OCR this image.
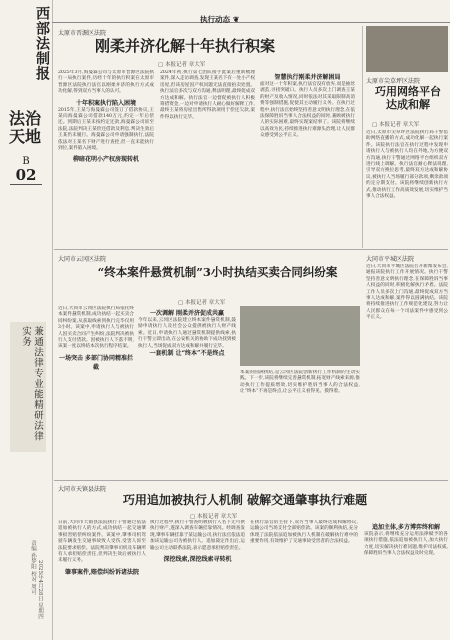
西部法制报
法治天地
B
02
兼通法律专业能精研法律实务
责编 孙梦阳 校对 周可 2025年4月28日 星期四
执行动态 ❦
太原市晋源区法院
刚柔并济化解十年执行积案
▢ 本报记者 章大军
2025年3月,海曼霖公司与太原市晋源区法院执行一局执行案件,历经十年的执行积案在太原市晋源区法院执行法官以刚柔并济的执行方式成功化解,得到双方当事人的认可。
十年积案执行陷入困境
2015年,王某与海曼霖公司签订了借款协议,王某向海曼霖公司借款140万元,约定一年后偿还。到期后王某未按约定还款,海曼霖公司诉至法院,法院判决王某偿还借款及利息,判决生效后王某仍未履行。海曼霖公司申请强制执行,法院依法对王某名下财产进行查控,但一直未能执行到位,案件陷入困境。
柳暗花明小产权房现转机
2024年初,执行第七团队接手此案后重新梳理案件,深入走访调查,发现王某名下有一处小产权房屋,但该房屋因产权问题无法直接拍卖处置。执行法官多次与双方沟通,释法明理,最终促成双方达成和解。执行法官一边督促被执行人积极筹措资金,一边对申请执行人耐心做好解释工作,最终王某将房屋出售所得款项用于偿还欠款,案件得以执行完毕。
智慧执行刚柔并济解困局
面对这一十年积案,执行法官没有放弃,而是抽丝剥茧,寻找突破口。执行人员多次上门调查王某的财产及收入情况,同时依法对其采取限制高消费等强制措施,促使其主动履行义务。在执行过程中,执行法官始终坚持善意文明执行理念,在依法保障胜诉当事人合法权益的同时,兼顾被执行人的实际困难,最终实现案结事了。该院将继续以高效为民,持续推进执行难源头治理,让人民群众感受到公平正义。
太原市尖草坪区法院
巧用网络平台达成和解
▢ 本报记者 章大军
近日,太原市尖草坪区法院执行局干警借助网络直播的方式,成功化解一起执行案件。该院执行法官在执行过程中发现申请执行人与被执行人均在外地,为方便双方沟通,执行干警通过网络平台组织双方进行线上调解。执行法官耐心释法说理,引导双方换位思考,最终双方达成和解协议,被执行人当场履行部分款项,剩余款项约定分期支付。该院将继续创新执行方式,推动执行工作高质效发展,切实维护当事人合法权益。
大同市云冈区法院
“终本案件悬赏机制”3小时执结买卖合同纠纷案
▢ 本报记者 章大军
近日,大同市云冈区法院执行局依托终本案件悬赏机制,成功执结一起买卖合同纠纷案,从获取线索到执行完毕仅用3小时。该案中,申请执行人与被执行人因买卖合同产生纠纷,法院判决被执行人支付货款。因被执行人下落不明,该案一度以终结本次执行程序结案。
一场突击 多部门协同精准拦截
一次调解 刚柔并济促成共赢
今年以来,云冈区法院建立终本案件悬赏机制,鼓励申请执行人及社会公众提供被执行人财产线索。近日,申请执行人通过悬赏机制提供线索,执行干警立即出动,在公安机关的协助下成功找到被执行人,当场促成双方达成和解并履行完毕。
一套机制 让“终本”不是终点
本案的圆满执结,是云冈区法院创新执行工作机制的生动实践。下一步,该院将继续完善悬赏机制,拓宽财产线索来源,推动执行工作提质增效,切实维护胜诉当事人的合法权益,让“终本”不再是终点,让公平正义看得见、摸得着。
大同市平城区法院
近日,大同市平城区法院召开新闻发布会,通报该院执行工作开展情况。执行干警坚持善意文明执行理念,在保障胜诉当事人权益的同时,积极化解执行矛盾。法院工作人员多次上门沟通,最终促成双方当事人达成和解,案件得以圆满执结。该院将持续推进执行工作规范化建设,努力让人民群众在每一个司法案件中感受到公平正义。
大同市天镇县法院
巧用追加被执行人机制 破解交通肇事执行难题
▢ 本报记者 章大军
日前,大同市天镇县法院执行干警通过依法追加被执行人的方式,成功执结一起交通肇事损害赔偿纠纷案件。该案中,肇事司机驾驶车辆发生交通事故致人受伤,受害人诉至法院要求赔偿。法院判决肇事司机及车辆所有人承担赔偿责任,但判决生效后被执行人未履行义务。
肇事案件,赔偿纠纷诉诸法院
执行过程中,执行干警查明被执行人名下无可供执行财产,遂深入调查车辆挂靠情况。经调查发现,肇事车辆挂靠于某运输公司,执行法官依法追加该运输公司为被执行人。追加裁定作出后,运输公司主动联系法院,表示愿意承担赔偿责任。
深挖线索,深挖线索寻转机
在执行法官的主持下,双方当事人最终达成和解协议,运输公司当场支付全部赔偿款。该案的顺利执结,充分体现了法院依法追加被执行人机制在破解执行难中的重要作用,有效维护了交通事故受害者的合法权益。
追加主体,多方博弈终和解
该院表示,将继续充分运用法律赋予的各项执行措施,依法追加被执行人,加大执行力度,切实解决执行难问题,维护司法权威,保障胜诉当事人合法权益及时兑现。
